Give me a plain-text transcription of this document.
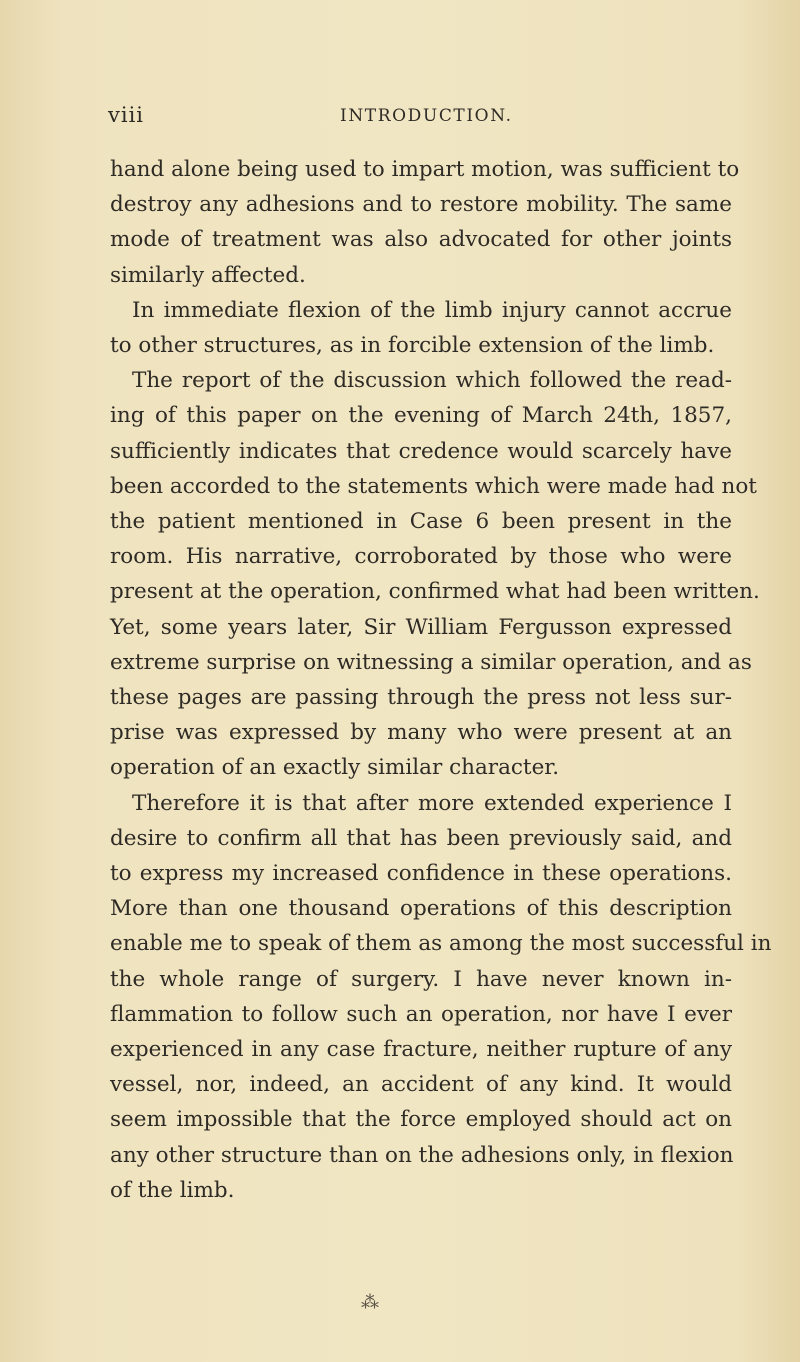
viii	INTRODUCTION.

hand alone being used to impart motion, was sufficient to
destroy any adhesions and to restore mobility. The same
mode of treatment was also advocated for other joints
similarly affected.

In immediate flexion of the limb injury cannot accrue
to other structures, as in forcible extension of the limb.

The report of the discussion which followed the read-
ing of this paper on the evening of March 24th, 1857,
sufficiently indicates that credence would scarcely have
been accorded to the statements which were made had not
the patient mentioned in Case 6 been present in the
room. His narrative, corroborated by those who were
present at the operation, confirmed what had been written.
Yet, some years later, Sir William Fergusson expressed
extreme surprise on witnessing a similar operation, and as
these pages are passing through the press not less sur-
prise was expressed by many who were present at an
operation of an exactly similar character.

Therefore it is that after more extended experience I
desire to confirm all that has been previously said, and
to express my increased confidence in these operations.
More than one thousand operations of this description
enable me to speak of them as among the most successful in
the whole range of surgery. I have never known in-
flammation to follow such an operation, nor have I ever
experienced in any case fracture, neither rupture of any
vessel, nor, indeed, an accident of any kind. It would
seem impossible that the force employed should act on
any other structure than on the adhesions only, in flexion
of the limb.

⁂
